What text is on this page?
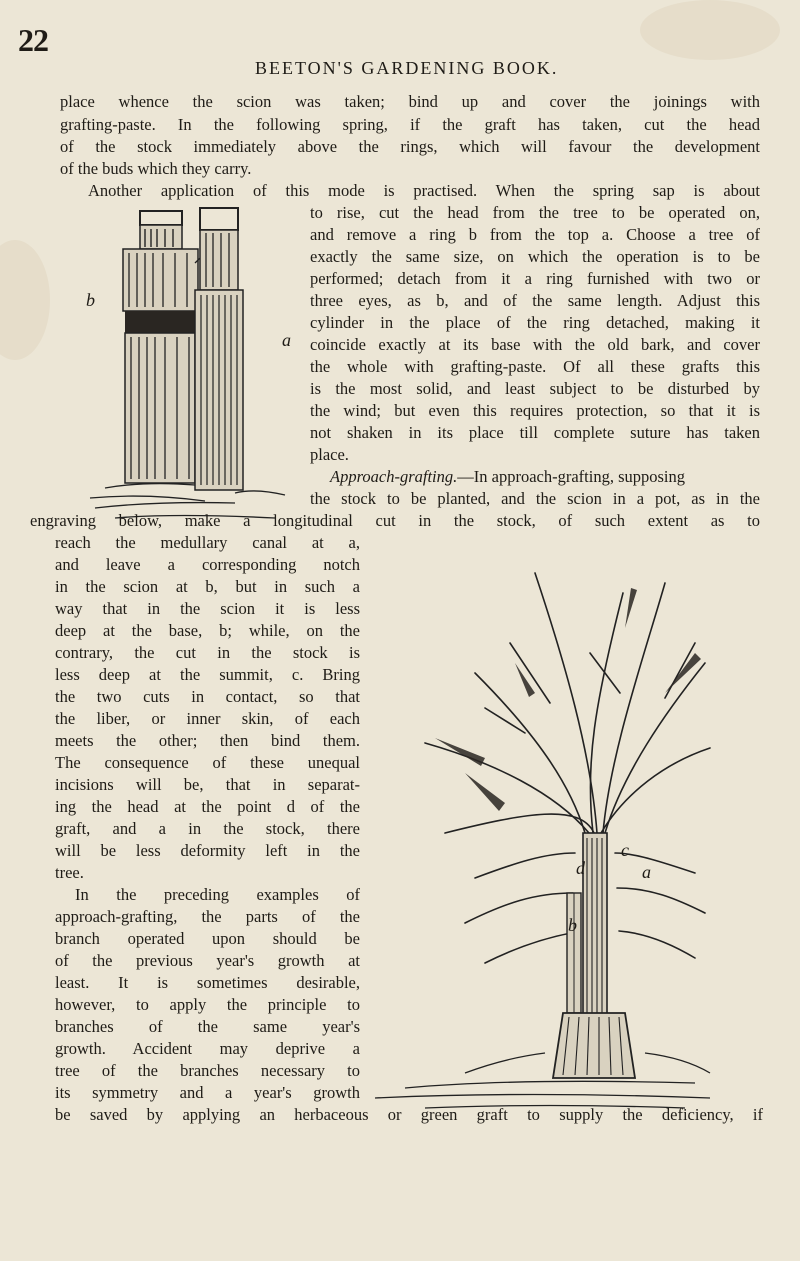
22
BEETON'S GARDENING BOOK.
place whence the scion was taken; bind up and cover the joinings with
grafting-paste. In the following spring, if the graft has taken, cut the head
of the stock immediately above the rings, which will favour the development
of the buds which they carry.
Another application of this mode is practised. When the spring sap is about
b
a
to rise, cut the head from the tree to be operated on,
and remove a ring b from the top a. Choose a tree of
exactly the same size, on which the operation is to be
performed; detach from it a ring furnished with two or
three eyes, as b, and of the same length. Adjust this
cylinder in the place of the ring detached, making it
coincide exactly at its base with the old bark, and cover
the whole with grafting-paste. Of all these grafts this
is the most solid, and least subject to be disturbed by
the wind; but even this requires protection, so that it is
not shaken in its place till complete suture has taken
place.
Approach-grafting.—In approach-grafting, supposing
the stock to be planted, and the scion in a pot, as in the
engraving below, make a longitudinal cut in the stock, of such extent as to
reach the medullary canal at a,
and leave a corresponding notch
in the scion at b, but in such a
way that in the scion it is less
deep at the base, b; while, on the
contrary, the cut in the stock is
less deep at the summit, c. Bring
the two cuts in contact, so that
the liber, or inner skin, of each
meets the other; then bind them.
The consequence of these unequal
incisions will be, that in separat-
ing the head at the point d of the
graft, and a in the stock, there
will be less deformity left in the
tree.
In the preceding examples of
approach-grafting, the parts of the
branch operated upon should be
of the previous year's growth at
least. It is sometimes desirable,
however, to apply the principle to
branches of the same year's
growth. Accident may deprive a
tree of the branches necessary to
its symmetry and a year's growth
c
a
d
b
be saved by applying an herbaceous or green graft to supply the deficiency, if
